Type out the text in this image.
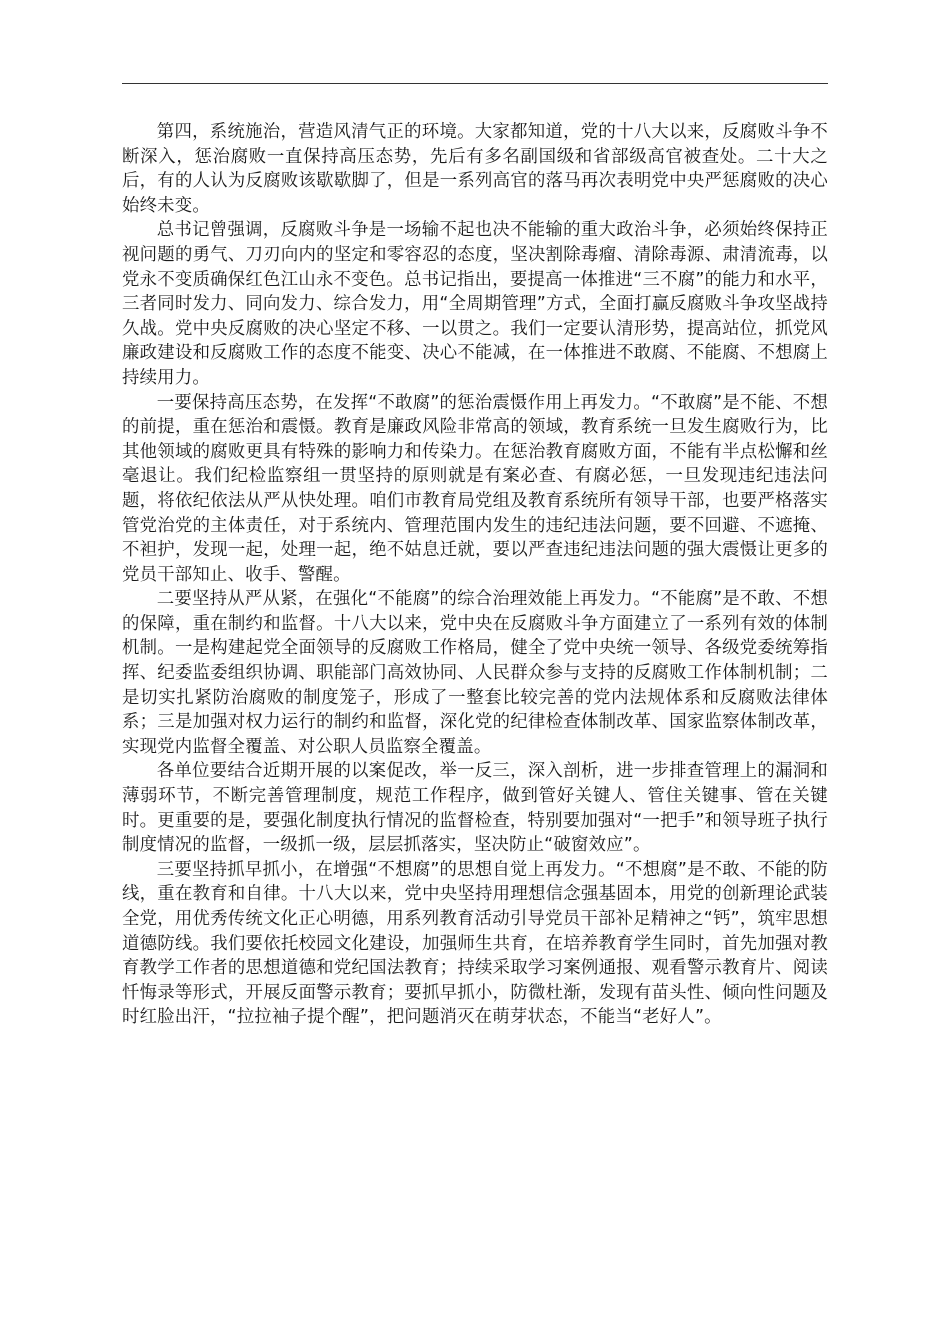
第四，系统施治，营造风清气正的环境。大家都知道，党的十八大以来，反腐败斗争不断深入，惩治腐败一直保持高压态势，先后有多名副国级和省部级高官被查处。二十大之后，有的人认为反腐败该歇歇脚了，但是一系列高官的落马再次表明党中央严惩腐败的决心始终未变。

总书记曾强调，反腐败斗争是一场输不起也决不能输的重大政治斗争，必须始终保持正视问题的勇气、刀刃向内的坚定和零容忍的态度，坚决割除毒瘤、清除毒源、肃清流毒，以党永不变质确保红色江山永不变色。总书记指出，要提高一体推进“三不腐”的能力和水平，三者同时发力、同向发力、综合发力，用“全周期管理”方式，全面打赢反腐败斗争攻坚战持久战。党中央反腐败的决心坚定不移、一以贯之。我们一定要认清形势，提高站位，抓党风廉政建设和反腐败工作的态度不能变、决心不能减，在一体推进不敢腐、不能腐、不想腐上持续用力。

一要保持高压态势，在发挥“不敢腐”的惩治震慑作用上再发力。“不敢腐”是不能、不想的前提，重在惩治和震慑。教育是廉政风险非常高的领域，教育系统一旦发生腐败行为，比其他领域的腐败更具有特殊的影响力和传染力。在惩治教育腐败方面，不能有半点松懈和丝毫退让。我们纪检监察组一贯坚持的原则就是有案必查、有腐必惩，一旦发现违纪违法问题，将依纪依法从严从快处理。咱们市教育局党组及教育系统所有领导干部，也要严格落实管党治党的主体责任，对于系统内、管理范围内发生的违纪违法问题，要不回避、不遮掩、不袒护，发现一起，处理一起，绝不姑息迁就，要以严查违纪违法问题的强大震慑让更多的党员干部知止、收手、警醒。

二要坚持从严从紧，在强化“不能腐”的综合治理效能上再发力。“不能腐”是不敢、不想的保障，重在制约和监督。十八大以来，党中央在反腐败斗争方面建立了一系列有效的体制机制。一是构建起党全面领导的反腐败工作格局，健全了党中央统一领导、各级党委统筹指挥、纪委监委组织协调、职能部门高效协同、人民群众参与支持的反腐败工作体制机制；二是切实扎紧防治腐败的制度笼子，形成了一整套比较完善的党内法规体系和反腐败法律体系；三是加强对权力运行的制约和监督，深化党的纪律检查体制改革、国家监察体制改革，实现党内监督全覆盖、对公职人员监察全覆盖。

各单位要结合近期开展的以案促改，举一反三，深入剖析，进一步排查管理上的漏洞和薄弱环节，不断完善管理制度，规范工作程序，做到管好关键人、管住关键事、管在关键时。更重要的是，要强化制度执行情况的监督检查，特别要加强对“一把手”和领导班子执行制度情况的监督，一级抓一级，层层抓落实，坚决防止“破窗效应”。

三要坚持抓早抓小，在增强“不想腐”的思想自觉上再发力。“不想腐”是不敢、不能的防线，重在教育和自律。十八大以来，党中央坚持用理想信念强基固本，用党的创新理论武装全党，用优秀传统文化正心明德，用系列教育活动引导党员干部补足精神之“钙”，筑牢思想道德防线。我们要依托校园文化建设，加强师生共育，在培养教育学生同时，首先加强对教育教学工作者的思想道德和党纪国法教育；持续采取学习案例通报、观看警示教育片、阅读忏悔录等形式，开展反面警示教育；要抓早抓小，防微杜渐，发现有苗头性、倾向性问题及时红脸出汗，“拉拉袖子提个醒”，把问题消灭在萌芽状态，不能当“老好人”。
